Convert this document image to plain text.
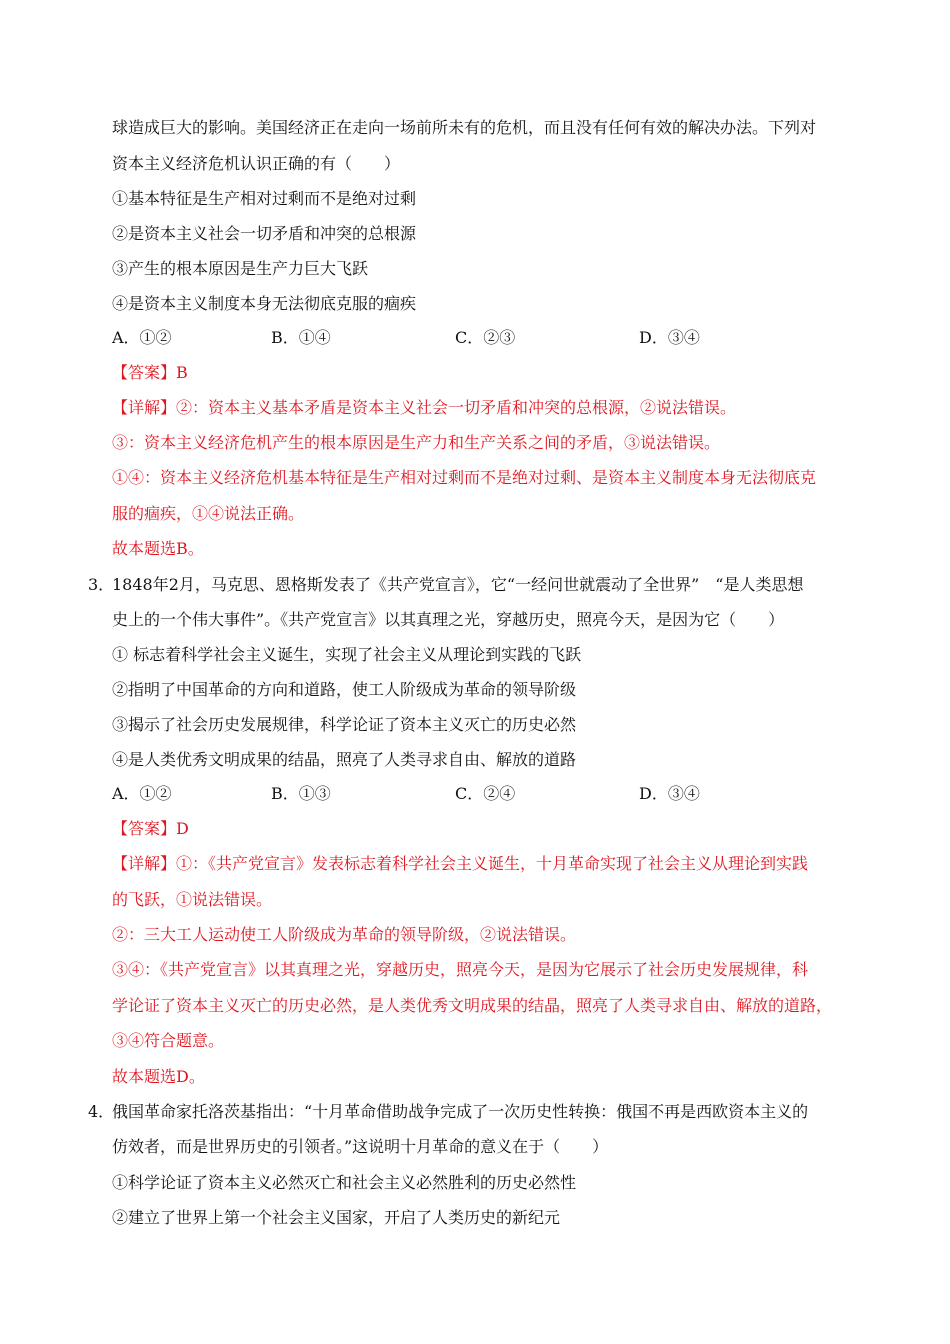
球造成巨大的影响。美国经济正在走向一场前所未有的危机，而且没有任何有效的解决办法。下列对
资本主义经济危机认识正确的有（　　）
①基本特征是生产相对过剩而不是绝对过剩
②是资本主义社会一切矛盾和冲突的总根源
③产生的根本原因是生产力巨大飞跃
④是资本主义制度本身无法彻底克服的痼疾
A．①②	B．①④	C．②③	D．③④
【答案】B
【详解】②：资本主义基本矛盾是资本主义社会一切矛盾和冲突的总根源，②说法错误。
③：资本主义经济危机产生的根本原因是生产力和生产关系之间的矛盾，③说法错误。
①④：资本主义经济危机基本特征是生产相对过剩而不是绝对过剩、是资本主义制度本身无法彻底克
服的痼疾，①④说法正确。
故本题选B。
3．
1848年2月，马克思、恩格斯发表了《共产党宣言》，它“一经问世就震动了全世界”　“是人类思想
史上的一个伟大事件”。《共产党宣言》以其真理之光，穿越历史，照亮今天，是因为它（　　）
① 标志着科学社会主义诞生，实现了社会主义从理论到实践的飞跃
②指明了中国革命的方向和道路，使工人阶级成为革命的领导阶级
③揭示了社会历史发展规律，科学论证了资本主义灭亡的历史必然
④是人类优秀文明成果的结晶，照亮了人类寻求自由、解放的道路
A．①②	B．①③	C．②④	D．③④
【答案】D
【详解】①：《共产党宣言》发表标志着科学社会主义诞生，十月革命实现了社会主义从理论到实践
的飞跃，①说法错误。
②：三大工人运动使工人阶级成为革命的领导阶级，②说法错误。
③④：《共产党宣言》以其真理之光，穿越历史，照亮今天，是因为它展示了社会历史发展规律，科
学论证了资本主义灭亡的历史必然，是人类优秀文明成果的结晶，照亮了人类寻求自由、解放的道路，
③④符合题意。
故本题选D。
4．
俄国革命家托洛茨基指出：“十月革命借助战争完成了一次历史性转换：俄国不再是西欧资本主义的
仿效者，而是世界历史的引领者。”这说明十月革命的意义在于（　　）
①科学论证了资本主义必然灭亡和社会主义必然胜利的历史必然性
②建立了世界上第一个社会主义国家，开启了人类历史的新纪元
